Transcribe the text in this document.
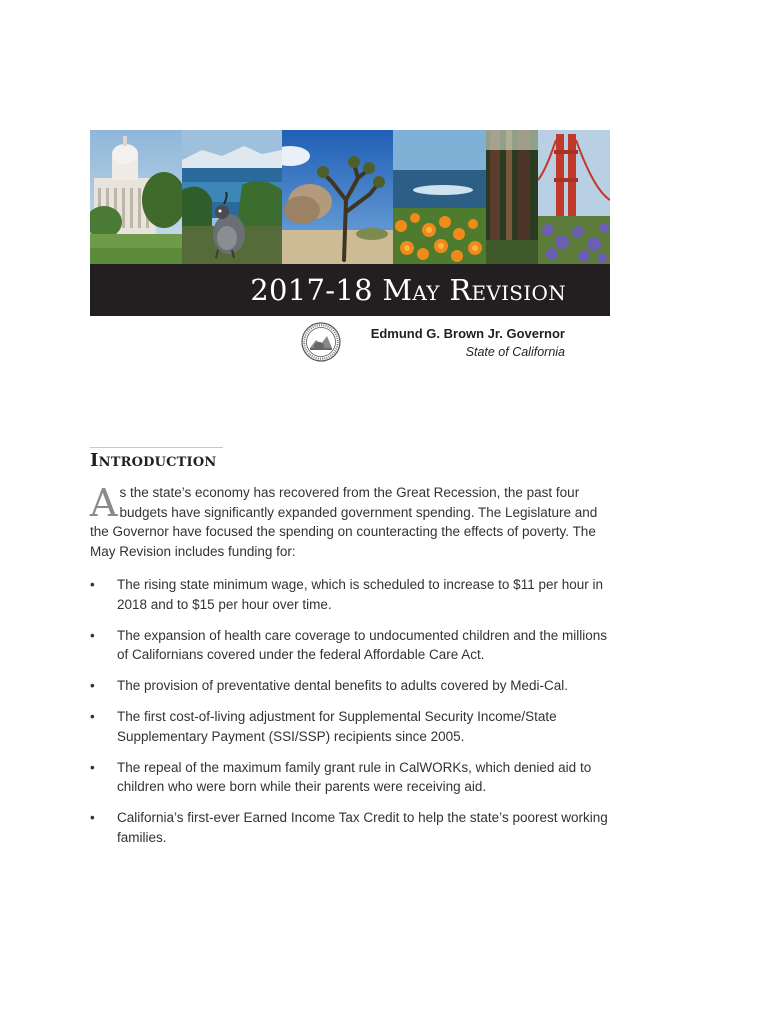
2017-18 May Revision
Edmund G. Brown Jr. Governor
State of California
Introduction
A s the state’s economy has recovered from the Great Recession, the past four budgets have significantly expanded government spending. The Legislature and the Governor have focused the spending on counteracting the effects of poverty. The May Revision includes funding for:
• The rising state minimum wage, which is scheduled to increase to $11 per hour in 2018 and to $15 per hour over time.
• The expansion of health care coverage to undocumented children and the millions of Californians covered under the federal Affordable Care Act.
• The provision of preventative dental benefits to adults covered by Medi-Cal.
• The first cost-of-living adjustment for Supplemental Security Income/State Supplementary Payment (SSI/SSP) recipients since 2005.
• The repeal of the maximum family grant rule in CalWORKs, which denied aid to children who were born while their parents were receiving aid.
• California’s first-ever Earned Income Tax Credit to help the state’s poorest working families.
